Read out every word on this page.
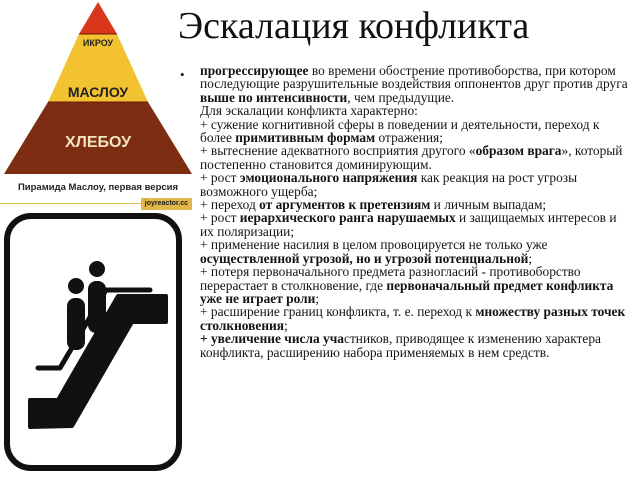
ИКРОУ
МАСЛОУ
ХЛЕБОУ
Пирамида Маслоу, первая версия
joyreactor.cc
Эскалация конфликта
• прогрессирующее во времени обострение противоборства, при котором последующие разрушительные воздействия оппонентов друг против друга выше по интенсивности, чем предыдущие.

Для эскалации конфликта характерно:

+ сужение когнитивной сферы в поведении и деятельности, переход к более примитивным формам отражения;

+ вытеснение адекватного восприятия другого «образом врага», который постепенно становится доминирующим.

+ рост эмоционального напряжения как реакция на рост угрозы возможного ущерба;

+ переход от аргументов к претензиям и личным выпадам;

+ рост иерархического ранга нарушаемых и защищаемых интересов и их поляризации;

+ применение насилия в целом провоцируется не только уже осуществленной угрозой, но и угрозой потенциальной;

+ потеря первоначального предмета разногласий - противоборство перерастает в столкновение, где первоначальный предмет конфликта уже не играет роли;

+ расширение границ конфликта, т. е. переход к множеству разных точек столкновения;

+ увеличение числа участников, приводящее к изменению характера конфликта, расширению набора применяемых в нем средств.
